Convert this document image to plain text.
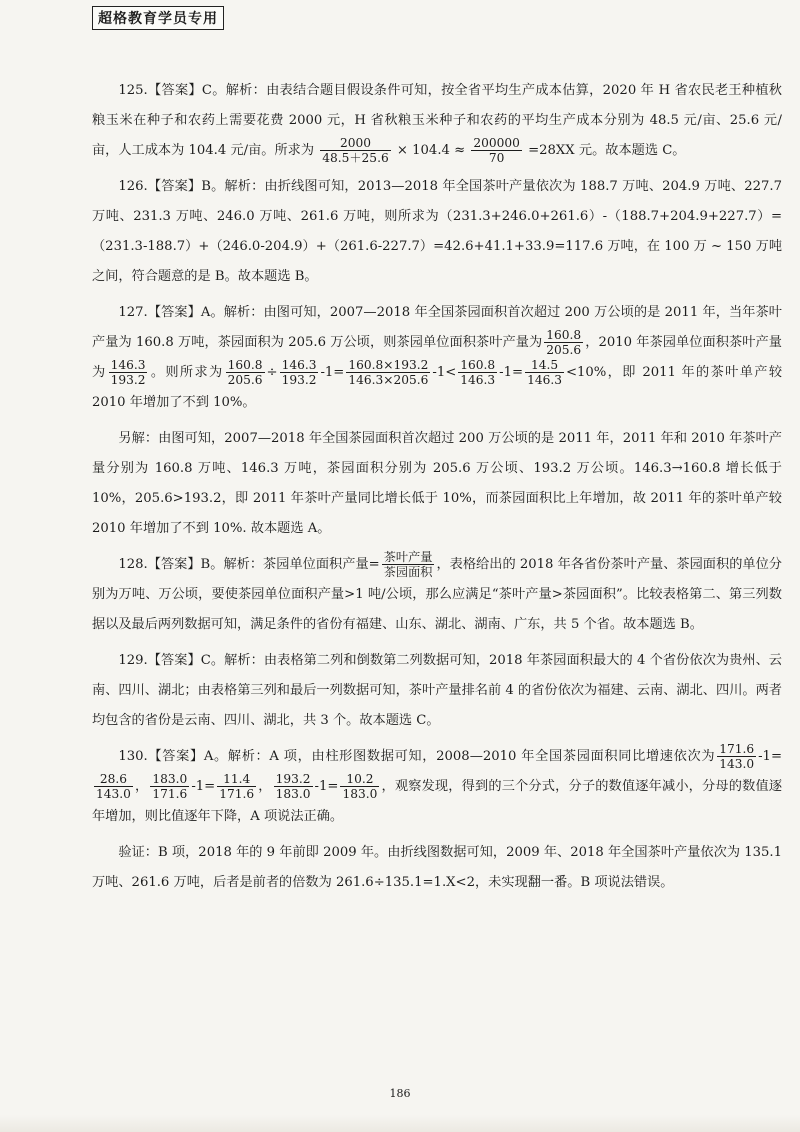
超格教育学员专用

125.【答案】C。解析：由表结合题目假设条件可知，按全省平均生产成本估算，2020 年 H 省农民老王种植秋粮玉米在种子和农药上需要花费 2000 元，H 省秋粮玉米种子和农药的平均生产成本分别为 48.5 元/亩、25.6 元/亩，人工成本为 104.4 元/亩。所求为 $\frac{2000}{48.5+25.6} \times 104.4 \approx \frac{200000}{70} =28XX$ 元。故本题选 C。

126.【答案】B。解析：由折线图可知，2013—2018 年全国茶叶产量依次为 188.7 万吨、204.9 万吨、227.7 万吨、231.3 万吨、246.0 万吨、261.6 万吨，则所求为（231.3+246.0+261.6）-（188.7+204.9+227.7）=（231.3-188.7）+（246.0-204.9）+（261.6-227.7）=42.6+41.1+33.9=117.6 万吨，在 100 万 ~ 150 万吨之间，符合题意的是 B。故本题选 B。

127.【答案】A。解析：由图可知，2007—2018 年全国茶园面积首次超过 200 万公顷的是 2011 年，当年茶叶产量为 160.8 万吨，茶园面积为 205.6 万公顷，则茶园单位面积茶叶产量为 $\frac{160.8}{205.6}$ ，2010 年茶园单位面积茶叶产量为 $\frac{146.3}{193.2}$ 。则所求为 $\frac{160.8}{205.6} \div \frac{146.3}{193.2} -1= \frac{160.8\times 193.2}{146.3\times 205.6} -1< \frac{160.8}{146.3} -1= \frac{14.5}{146.3} <10\%$，即 2011 年的茶叶单产较 2010 年增加了不到 10%。

另解：由图可知，2007—2018 年全国茶园面积首次超过 200 万公顷的是 2011 年，2011 年和 2010 年茶叶产量分别为 160.8 万吨、146.3 万吨，茶园面积分别为 205.6 万公顷、193.2 万公顷。146.3→160.8 增长低于 10%，205.6>193.2，即 2011 年茶叶产量同比增长低于 10%，而茶园面积比上年增加，故 2011 年的茶叶单产较 2010 年增加了不到 10%. 故本题选 A。

128.【答案】B。解析：茶园单位面积产量= $\frac{\text{茶叶产量}}{\text{茶园面积}}$ ，表格给出的 2018 年各省份茶叶产量、茶园面积的单位分别为万吨、万公顷，要使茶园单位面积产量>1 吨/公顷，那么应满足“茶叶产量>茶园面积”。比较表格第二、第三列数据以及最后两列数据可知，满足条件的省份有福建、山东、湖北、湖南、广东，共 5 个省。故本题选 B。

129.【答案】C。解析：由表格第二列和倒数第二列数据可知，2018 年茶园面积最大的 4 个省份依次为贵州、云南、四川、湖北；由表格第三列和最后一列数据可知，茶叶产量排名前 4 的省份依次为福建、云南、湖北、四川。两者均包含的省份是云南、四川、湖北，共 3 个。故本题选 C。

130.【答案】A。解析：A 项，由柱形图数据可知，2008—2010 年全国茶园面积同比增速依次为 $\frac{171.6}{143.0} -1=$
$\frac{28.6}{143.0}$ ， $\frac{183.0}{171.6} -1= \frac{11.4}{171.6}$ ， $\frac{193.2}{183.0} -1= \frac{10.2}{183.0}$ ，观察发现，得到的三个分式，分子的数值逐年减小，分母的数值逐年增加，则比值逐年下降，A 项说法正确。

验证：B 项，2018 年的 9 年前即 2009 年。由折线图数据可知，2009 年、2018 年全国茶叶产量依次为 135.1 万吨、261.6 万吨，后者是前者的倍数为 261.6÷135.1=1.X<2，未实现翻一番。B 项说法错误。

186
